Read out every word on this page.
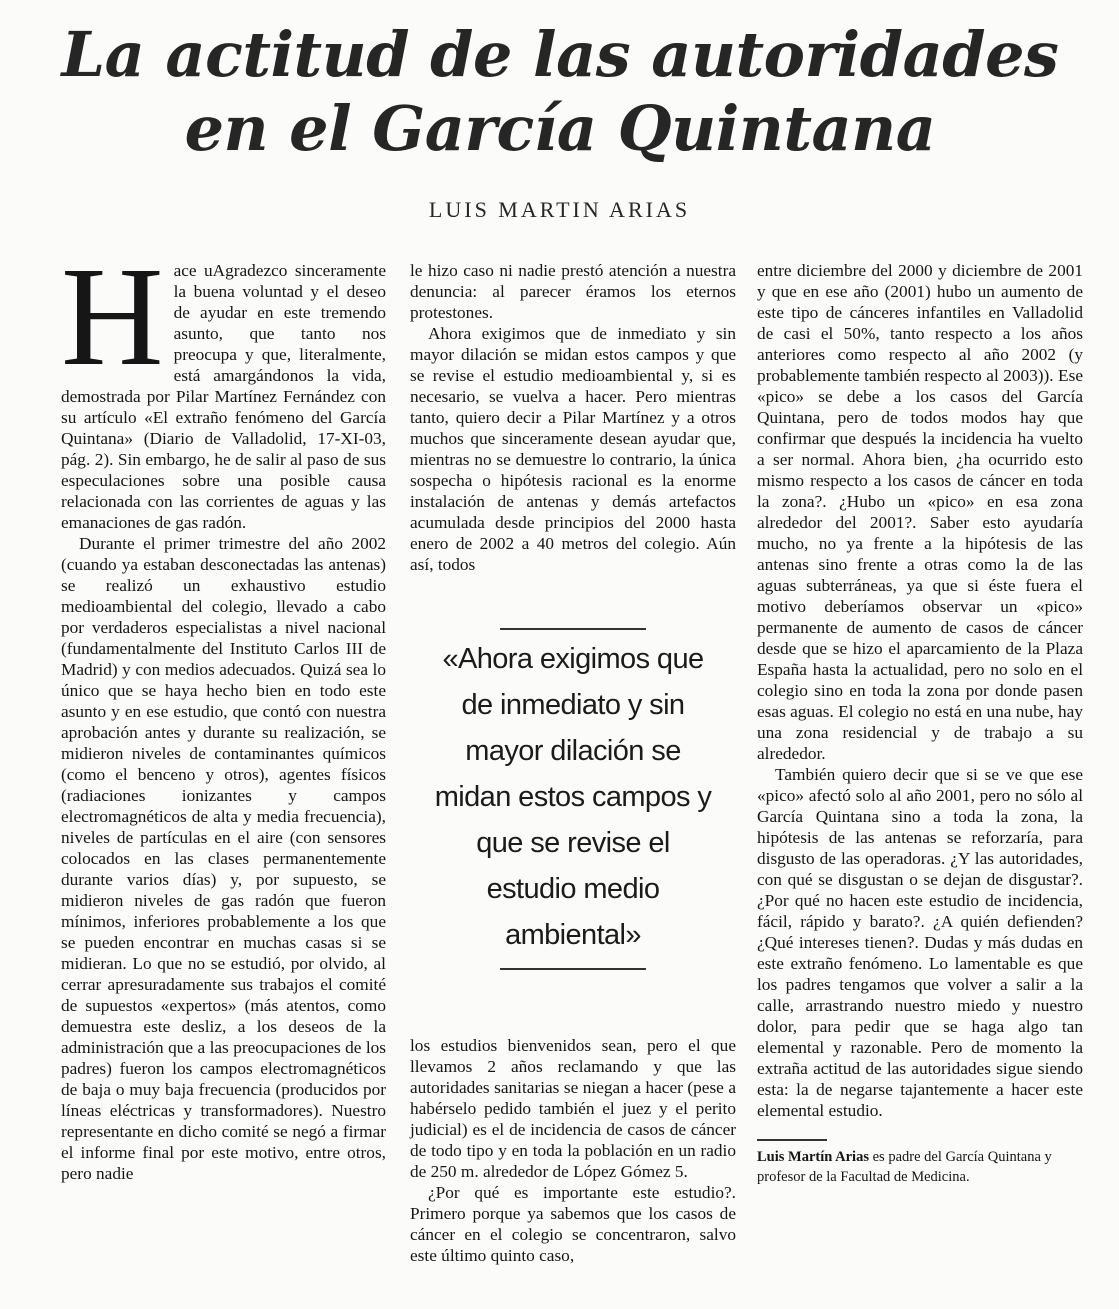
La actitud de las autoridades
en el García Quintana
LUIS MARTIN ARIAS

Hace uAgradezco sinceramente la buena voluntad y el deseo de ayudar en este tremendo asunto, que tanto nos preocupa y que, literalmente, está amargándonos la vida, demostrada por Pilar Martínez Fernández con su artículo «El extraño fenómeno del García Quintana» (Diario de Valladolid, 17-XI-03, pág. 2). Sin embargo, he de salir al paso de sus especulaciones sobre una posible causa relacionada con las corrientes de aguas y las emanaciones de gas radón.

Durante el primer trimestre del año 2002 (cuando ya estaban desconectadas las antenas) se realizó un exhaustivo estudio medioambiental del colegio, llevado a cabo por verdaderos especialistas a nivel nacional (fundamentalmente del Instituto Carlos III de Madrid) y con medios adecuados. Quizá sea lo único que se haya hecho bien en todo este asunto y en ese estudio, que contó con nuestra aprobación antes y durante su realización, se midieron niveles de contaminantes químicos (como el benceno y otros), agentes físicos (radiaciones ionizantes y campos electromagnéticos de alta y media frecuencia), niveles de partículas en el aire (con sensores colocados en las clases permanentemente durante varios días) y, por supuesto, se midieron niveles de gas radón que fueron mínimos, inferiores probablemente a los que se pueden encontrar en muchas casas si se midieran. Lo que no se estudió, por olvido, al cerrar apresuradamente sus trabajos el comité de supuestos «expertos» (más atentos, como demuestra este desliz, a los deseos de la administración que a las preocupaciones de los padres) fueron los campos electromagnéticos de baja o muy baja frecuencia (producidos por líneas eléctricas y transformadores). Nuestro representante en dicho comité se negó a firmar el informe final por este motivo, entre otros, pero nadie

le hizo caso ni nadie prestó atención a nuestra denuncia: al parecer éramos los eternos protestones.

Ahora exigimos que de inmediato y sin mayor dilación se midan estos campos y que se revise el estudio medioambiental y, si es necesario, se vuelva a hacer. Pero mientras tanto, quiero decir a Pilar Martínez y a otros muchos que sinceramente desean ayudar que, mientras no se demuestre lo contrario, la única sospecha o hipótesis racional es la enorme instalación de antenas y demás artefactos acumulada desde principios del 2000 hasta enero de 2002 a 40 metros del colegio. Aún así, todos

«Ahora exigimos que
de inmediato y sin
mayor dilación se
midan estos campos y
que se revise el
estudio medio
ambiental»

los estudios bienvenidos sean, pero el que llevamos 2 años reclamando y que las autoridades sanitarias se niegan a hacer (pese a habérselo pedido también el juez y el perito judicial) es el de incidencia de casos de cáncer de todo tipo y en toda la población en un radio de 250 m. alrededor de López Gómez 5.

¿Por qué es importante este estudio?. Primero porque ya sabemos que los casos de cáncer en el colegio se concentraron, salvo este último quinto caso,

entre diciembre del 2000 y diciembre de 2001 y que en ese año (2001) hubo un aumento de este tipo de cánceres infantiles en Valladolid de casi el 50%, tanto respecto a los años anteriores como respecto al año 2002 (y probablemente también respecto al 2003)). Ese «pico» se debe a los casos del García Quintana, pero de todos modos hay que confirmar que después la incidencia ha vuelto a ser normal. Ahora bien, ¿ha ocurrido esto mismo respecto a los casos de cáncer en toda la zona?. ¿Hubo un «pico» en esa zona alrededor del 2001?. Saber esto ayudaría mucho, no ya frente a la hipótesis de las antenas sino frente a otras como la de las aguas subterráneas, ya que si éste fuera el motivo deberíamos observar un «pico» permanente de aumento de casos de cáncer desde que se hizo el aparcamiento de la Plaza España hasta la actualidad, pero no solo en el colegio sino en toda la zona por donde pasen esas aguas. El colegio no está en una nube, hay una zona residencial y de trabajo a su alrededor.

También quiero decir que si se ve que ese «pico» afectó solo al año 2001, pero no sólo al García Quintana sino a toda la zona, la hipótesis de las antenas se reforzaría, para disgusto de las operadoras. ¿Y las autoridades, con qué se disgustan o se dejan de disgustar?. ¿Por qué no hacen este estudio de incidencia, fácil, rápido y barato?. ¿A quién defienden? ¿Qué intereses tienen?. Dudas y más dudas en este extraño fenómeno. Lo lamentable es que los padres tengamos que volver a salir a la calle, arrastrando nuestro miedo y nuestro dolor, para pedir que se haga algo tan elemental y razonable. Pero de momento la extraña actitud de las autoridades sigue siendo esta: la de negarse tajantemente a hacer este elemental estudio.

Luis Martín Arias es padre del García Quintana y profesor de la Facultad de Medicina.
